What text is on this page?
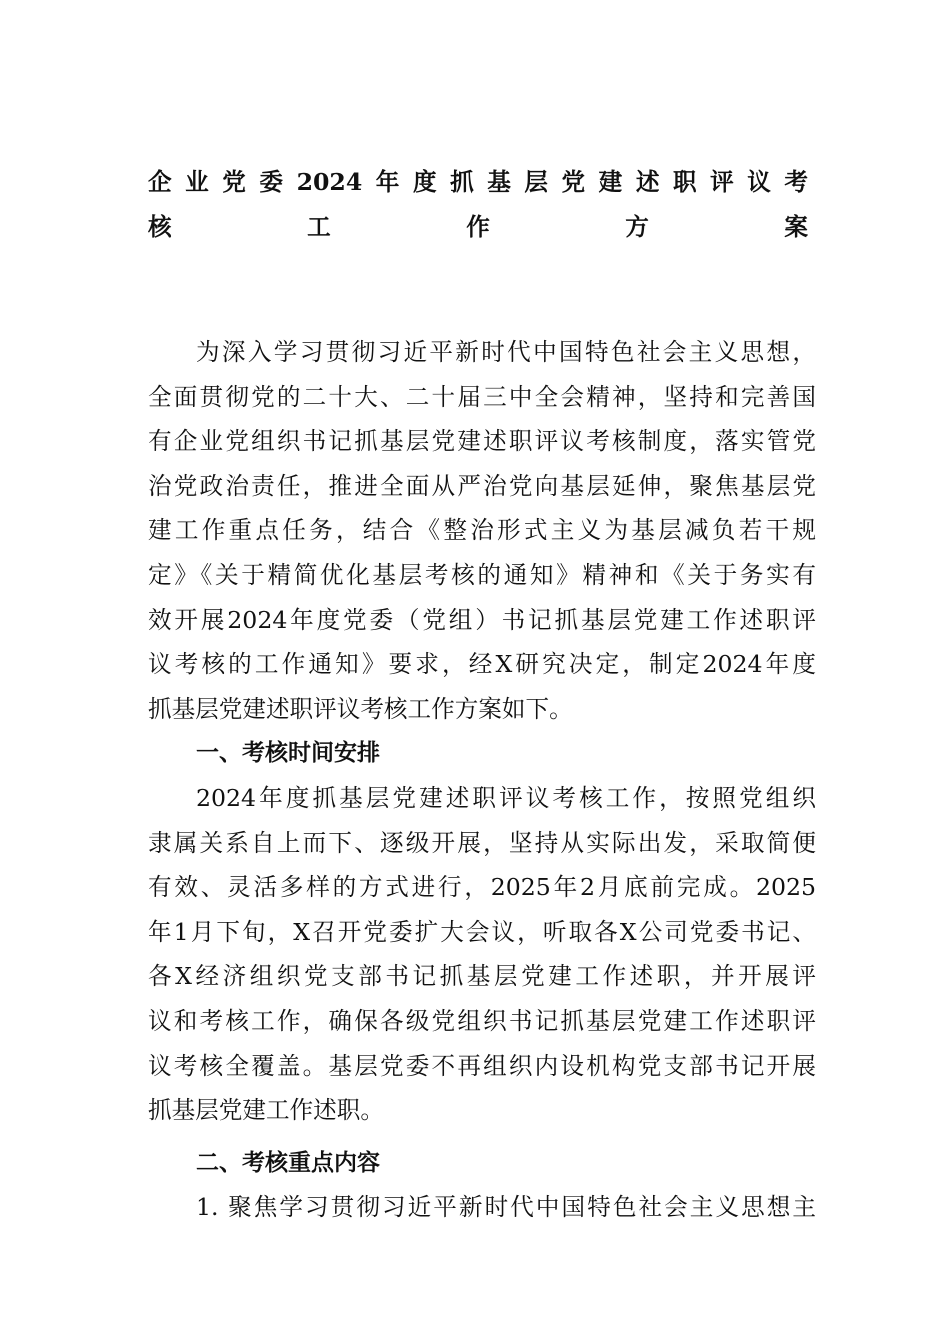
企业党委2024年度抓基层党建述职评议考
核工作方案
为深入学习贯彻习近平新时代中国特色社会主义思想，
全面贯彻党的二十大、二十届三中全会精神，坚持和完善国
有企业党组织书记抓基层党建述职评议考核制度，落实管党
治党政治责任，推进全面从严治党向基层延伸，聚焦基层党
建工作重点任务，结合《整治形式主义为基层减负若干规
定》《关于精简优化基层考核的通知》精神和《关于务实有
效开展2024年度党委（党组）书记抓基层党建工作述职评
议考核的工作通知》要求，经X研究决定，制定2024年度
抓基层党建述职评议考核工作方案如下。
一、考核时间安排
2024年度抓基层党建述职评议考核工作，按照党组织
隶属关系自上而下、逐级开展，坚持从实际出发，采取简便
有效、灵活多样的方式进行，2025年2月底前完成。2025
年1月下旬，X召开党委扩大会议，听取各X公司党委书记、
各X经济组织党支部书记抓基层党建工作述职，并开展评
议和考核工作，确保各级党组织书记抓基层党建工作述职评
议考核全覆盖。基层党委不再组织内设机构党支部书记开展
抓基层党建工作述职。
二、考核重点内容
1. 聚焦学习贯彻习近平新时代中国特色社会主义思想主
